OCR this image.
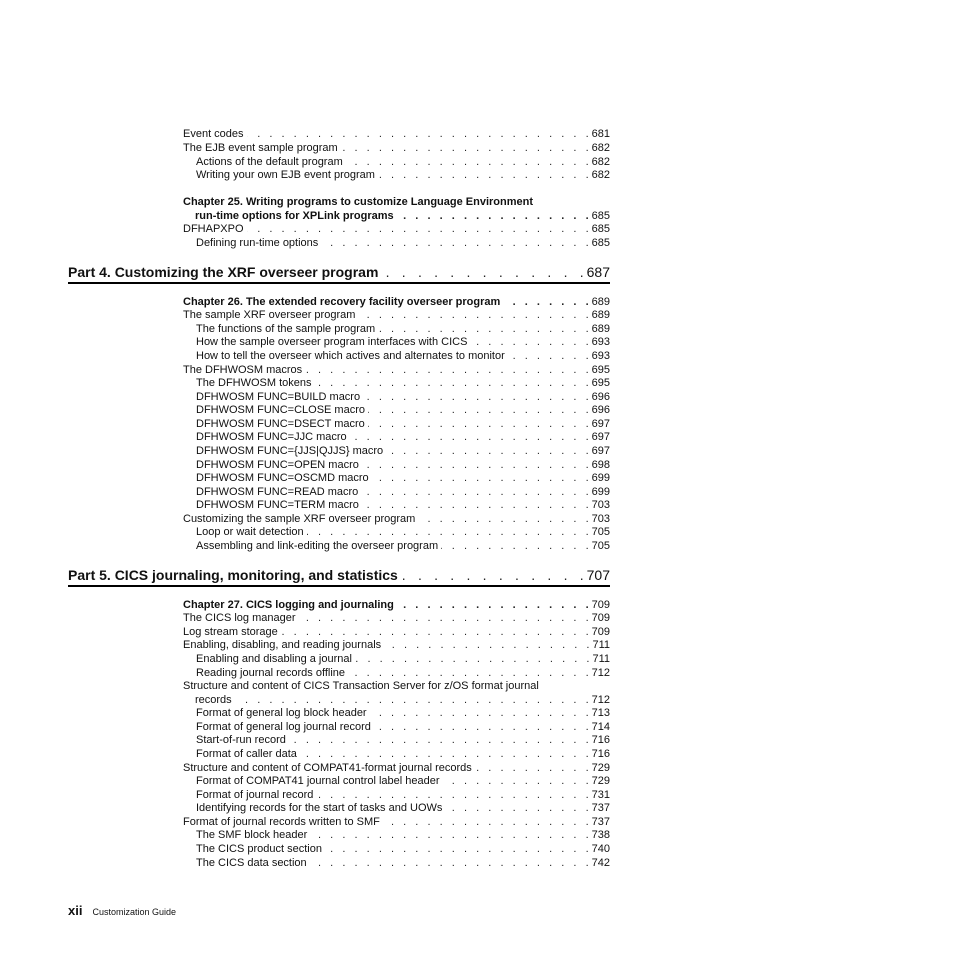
Event codes . . .	681
The EJB event sample program . . .	682
Actions of the default program . . .	682
Writing your own EJB event program . . .	682
Chapter 25. Writing programs to customize Language Environment
run-time options for XPLink programs . . .	685
DFHAPXPO . . .	685
Defining run-time options . . .	685
Part 4. Customizing the XRF overseer program . . .	687
Chapter 26. The extended recovery facility overseer program . . .	689
The sample XRF overseer program . . .	689
The functions of the sample program . . .	689
How the sample overseer program interfaces with CICS . . .	693
How to tell the overseer which actives and alternates to monitor . . .	693
The DFHWOSM macros . . .	695
The DFHWOSM tokens . . .	695
DFHWOSM FUNC=BUILD macro . . .	696
DFHWOSM FUNC=CLOSE macro . . .	696
DFHWOSM FUNC=DSECT macro . . .	697
DFHWOSM FUNC=JJC macro . . .	697
DFHWOSM FUNC={JJS|QJJS} macro . . .	697
DFHWOSM FUNC=OPEN macro . . .	698
DFHWOSM FUNC=OSCMD macro . . .	699
DFHWOSM FUNC=READ macro . . .	699
DFHWOSM FUNC=TERM macro . . .	703
Customizing the sample XRF overseer program . . .	703
Loop or wait detection . . .	705
Assembling and link-editing the overseer program . . .	705
Part 5. CICS journaling, monitoring, and statistics . . .	707
Chapter 27. CICS logging and journaling . . .	709
The CICS log manager . . .	709
Log stream storage . . .	709
Enabling, disabling, and reading journals . . .	711
Enabling and disabling a journal . . .	711
Reading journal records offline . . .	712
Structure and content of CICS Transaction Server for z/OS format journal
records . . .	712
Format of general log block header . . .	713
Format of general log journal record . . .	714
Start-of-run record . . .	716
Format of caller data . . .	716
Structure and content of COMPAT41-format journal records . . .	729
Format of COMPAT41 journal control label header . . .	729
Format of journal record . . .	731
Identifying records for the start of tasks and UOWs . . .	737
Format of journal records written to SMF . . .	737
The SMF block header . . .	738
The CICS product section . . .	740
The CICS data section . . .	742
xii Customization Guide
